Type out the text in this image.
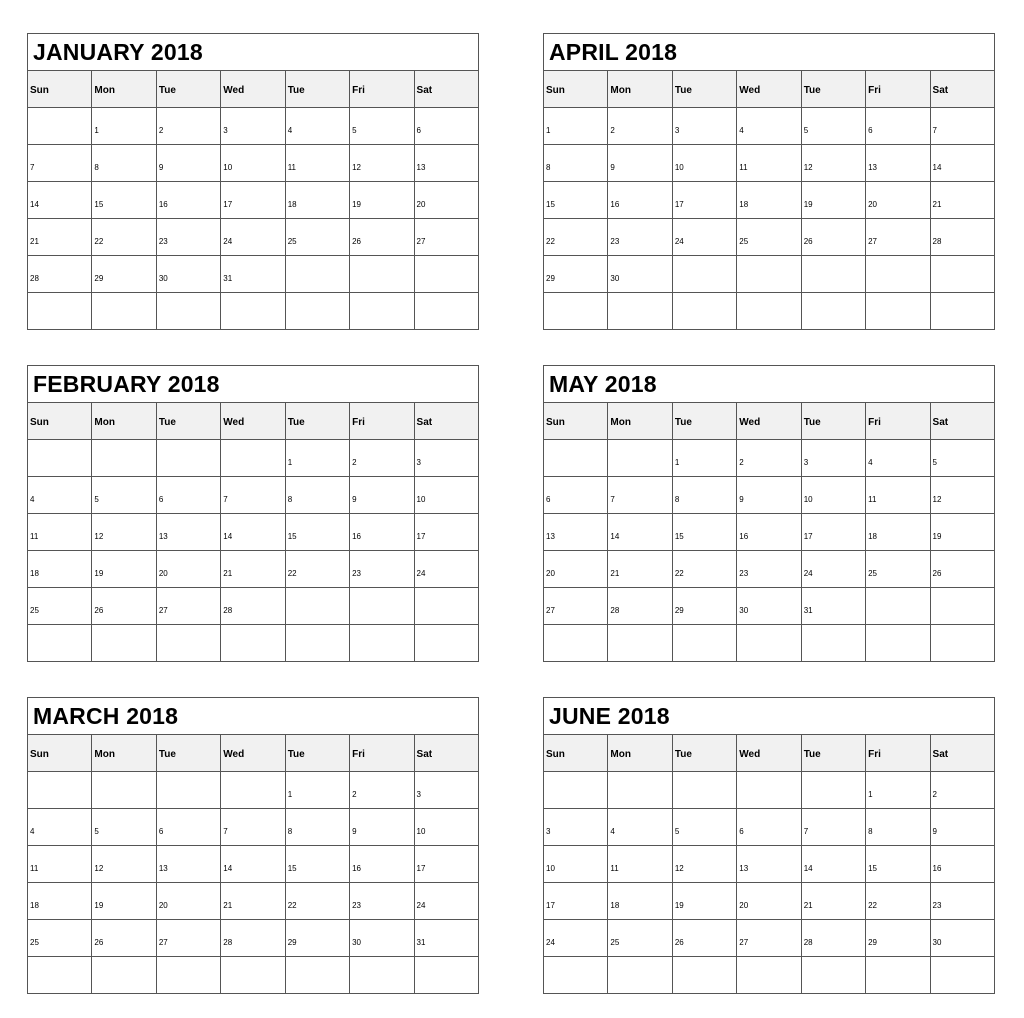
JANUARY 2018						
Sun	Mon	Tue	Wed	Tue	Fri	Sat
	1	2	3	4	5	6
7	8	9	10	11	12	13
14	15	16	17	18	19	20
21	22	23	24	25	26	27
28	29	30	31			

APRIL 2018						
Sun	Mon	Tue	Wed	Tue	Fri	Sat
1	2	3	4	5	6	7
8	9	10	11	12	13	14
15	16	17	18	19	20	21
22	23	24	25	26	27	28
29	30					

FEBRUARY 2018						
Sun	Mon	Tue	Wed	Tue	Fri	Sat
				1	2	3
4	5	6	7	8	9	10
11	12	13	14	15	16	17
18	19	20	21	22	23	24
25	26	27	28			

MAY 2018						
Sun	Mon	Tue	Wed	Tue	Fri	Sat
		1	2	3	4	5
6	7	8	9	10	11	12
13	14	15	16	17	18	19
20	21	22	23	24	25	26
27	28	29	30	31		

MARCH 2018						
Sun	Mon	Tue	Wed	Tue	Fri	Sat
				1	2	3
4	5	6	7	8	9	10
11	12	13	14	15	16	17
18	19	20	21	22	23	24
25	26	27	28	29	30	31

JUNE 2018						
Sun	Mon	Tue	Wed	Tue	Fri	Sat
					1	2
3	4	5	6	7	8	9
10	11	12	13	14	15	16
17	18	19	20	21	22	23
24	25	26	27	28	29	30
